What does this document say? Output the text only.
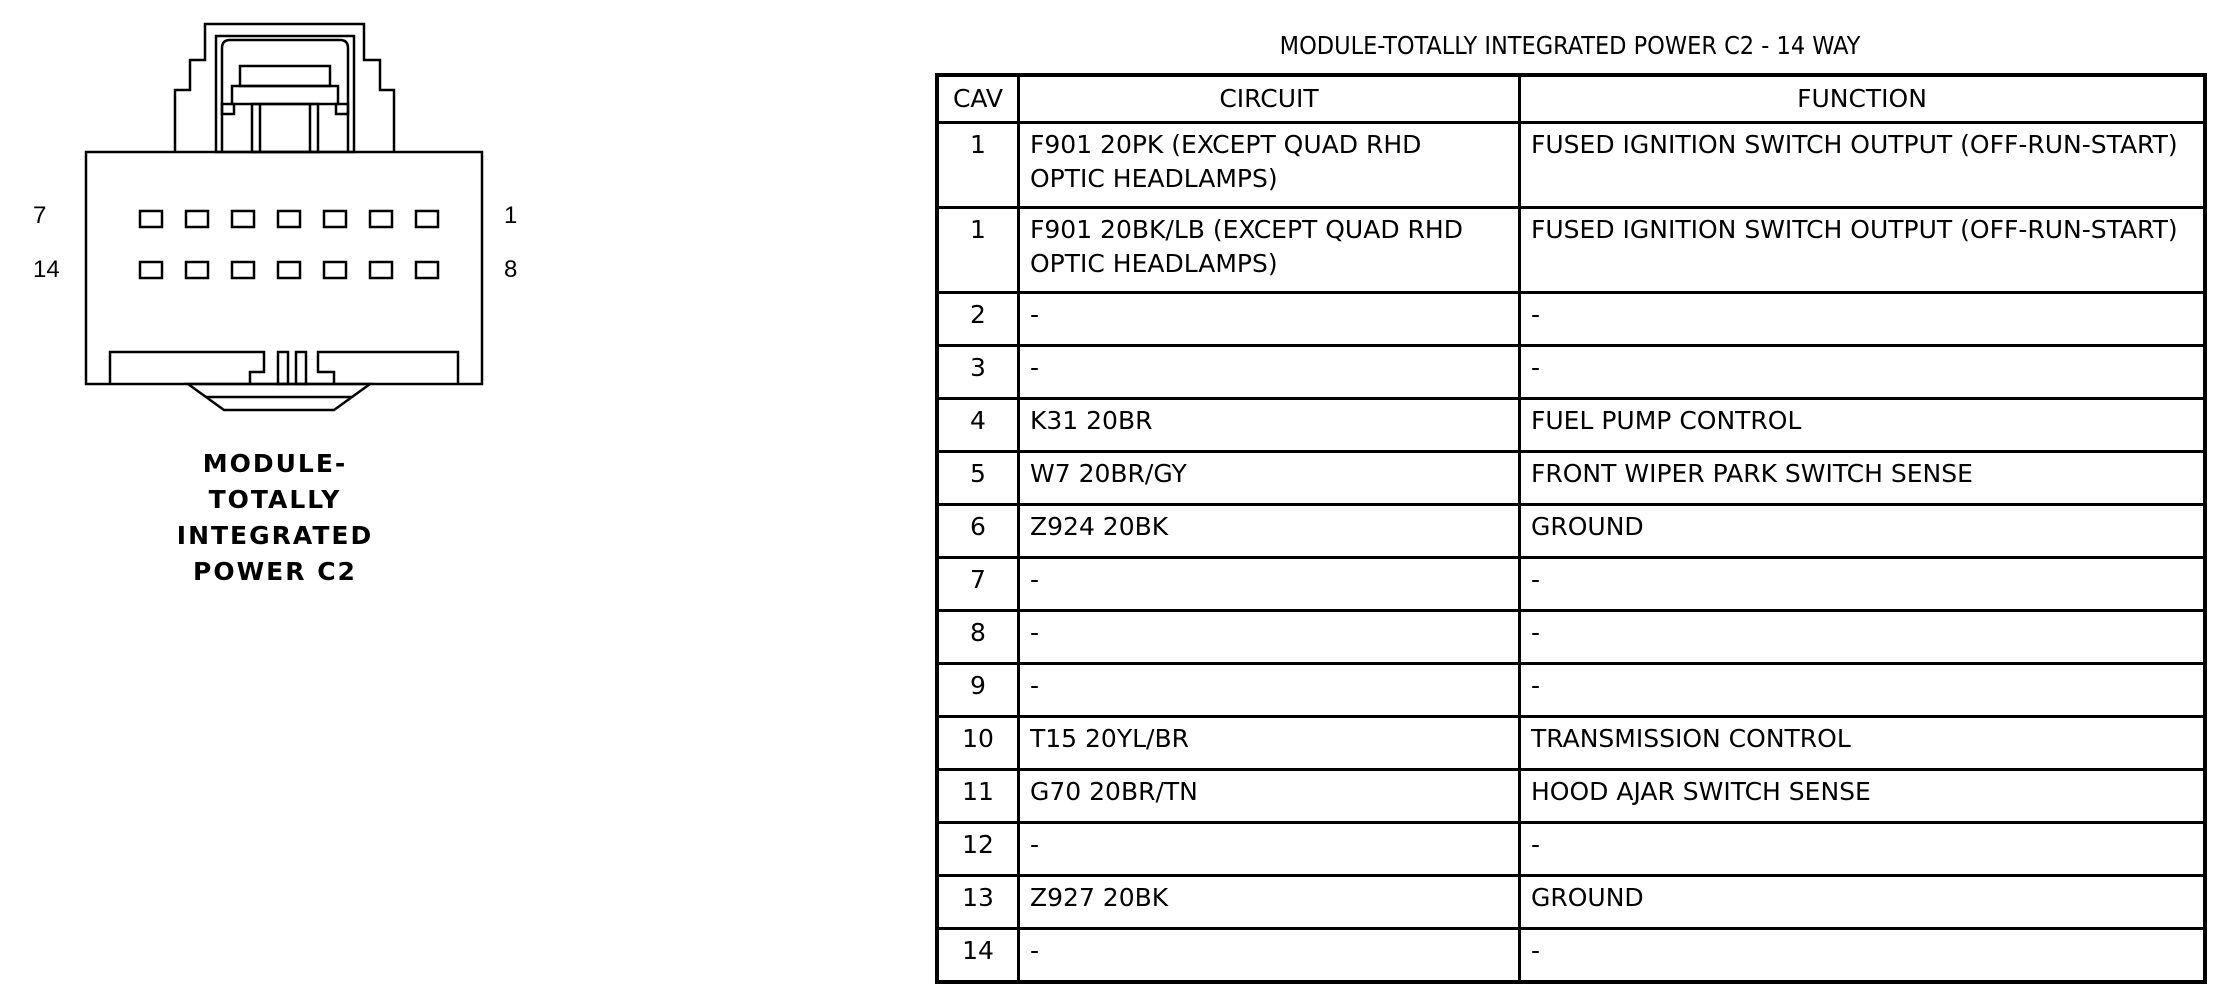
7
14
1
8
MODULE-
TOTALLY
INTEGRATED
POWER C2
MODULE-TOTALLY INTEGRATED POWER C2 - 14 WAY
CAV	CIRCUIT	FUNCTION
1	F901 20PK (EXCEPT QUAD RHD
OPTIC HEADLAMPS)	FUSED IGNITION SWITCH OUTPUT (OFF-RUN-START)
1	F901 20BK/LB (EXCEPT QUAD RHD
OPTIC HEADLAMPS)	FUSED IGNITION SWITCH OUTPUT (OFF-RUN-START)
2	-	-
3	-	-
4	K31 20BR	FUEL PUMP CONTROL
5	W7 20BR/GY	FRONT WIPER PARK SWITCH SENSE
6	Z924 20BK	GROUND
7	-	-
8	-	-
9	-	-
10	T15 20YL/BR	TRANSMISSION CONTROL
11	G70 20BR/TN	HOOD AJAR SWITCH SENSE
12	-	-
13	Z927 20BK	GROUND
14	-	-
